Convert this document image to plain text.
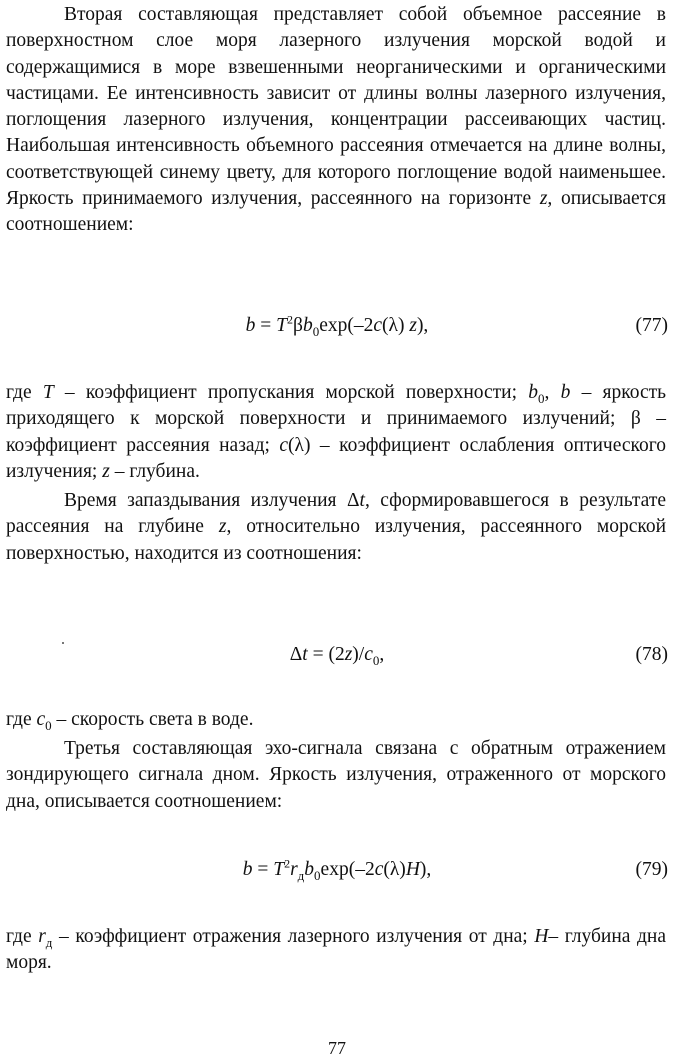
Вторая составляющая представляет собой объемное рассеяние в поверхностном слое моря лазерного излучения морской водой и содержащимися в море взвешенными неорганическими и органическими частицами. Ее интенсивность зависит от длины волны лазерного излучения, поглощения лазерного излучения, концентрации рассеивающих частиц. Наибольшая интенсивность объемного рассеяния отмечается на длине волны, соответствующей синему цвету, для которого поглощение водой наименьшее. Яркость принимаемого излучения, рассеянного на горизонте z, описывается соотношением:

$b = T^2\beta b_0\exp(-2c(\lambda)$ z),	(77)

где T – коэффициент пропускания морской поверхности; $b_0$, b – яркость приходящего к морской поверхности и принимаемого излучений; β – коэффициент рассеяния назад; c(λ) – коэффициент ослабления оптического излучения; z – глубина.

Время запаздывания излучения Δt, сформировавшегося в результате рассеяния на глубине z, относительно излучения, рассеянного морской поверхностью, находится из соотношения:

$\Delta t = (2z)/c_0$,	(78)

где $c_0$ – скорость света в воде.

Третья составляющая эхо-сигнала связана с обратным отражением зондирующего сигнала дном. Яркость излучения, отраженного от морского дна, описывается соотношением:

$b = T^2r_дb_0\exp(-2c(\lambda)H)$,	(79)

где $r_д$ – коэффициент отражения лазерного излучения от дна; H– глубина дна моря.

77
